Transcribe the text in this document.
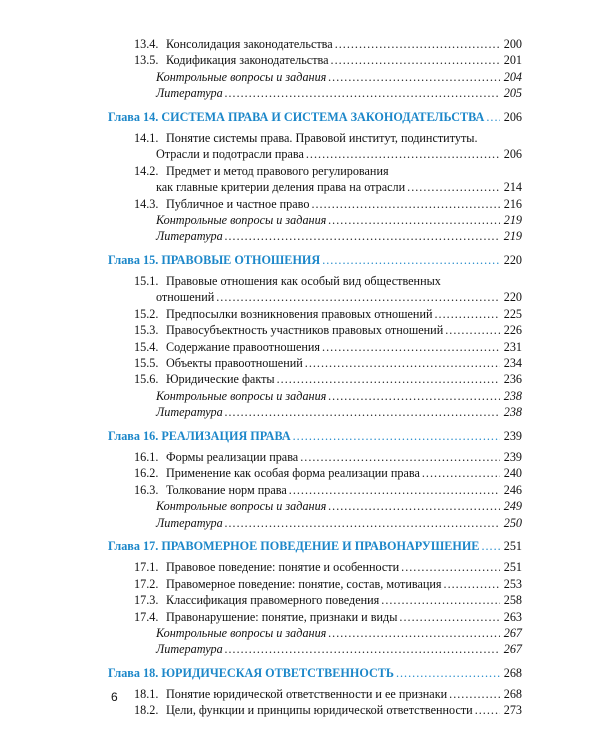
13.4. Консолидация законодательства .....	200
13.5. Кодификация законодательства .....	201
Контрольные вопросы и задания .....	204
Литература .....	205
Глава 14. СИСТЕМА ПРАВА И СИСТЕМА ЗАКОНОДАТЕЛЬСТВА ..... 206
14.1. Понятие системы права. Правовой институт, подинституты.
Отрасли и подотрасли права .....	206
14.2. Предмет и метод правового регулирования
как главные критерии деления права на отрасли .....	214
14.3. Публичное и частное право .....	216
Контрольные вопросы и задания .....	219
Литература .....	219
Глава 15. ПРАВОВЫЕ ОТНОШЕНИЯ .....	220
15.1. Правовые отношения как особый вид общественных
отношений .....	220
15.2. Предпосылки возникновения правовых отношений .....	225
15.3. Правосубъектность участников правовых отношений .....	226
15.4. Содержание правоотношения .....	231
15.5. Объекты правоотношений .....	234
15.6. Юридические факты .....	236
Контрольные вопросы и задания .....	238
Литература .....	238
Глава 16. РЕАЛИЗАЦИЯ ПРАВА .....	239
16.1. Формы реализации права .....	239
16.2. Применение как особая форма реализации права .....	240
16.3. Толкование норм права .....	246
Контрольные вопросы и задания .....	249
Литература .....	250
Глава 17. ПРАВОМЕРНОЕ ПОВЕДЕНИЕ И ПРАВОНАРУШЕНИЕ ..... 251
17.1. Правовое поведение: понятие и особенности .....	251
17.2. Правомерное поведение: понятие, состав, мотивация .....	253
17.3. Классификация правомерного поведения .....	258
17.4. Правонарушение: понятие, признаки и виды .....	263
Контрольные вопросы и задания .....	267
Литература .....	267
Глава 18. ЮРИДИЧЕСКАЯ ОТВЕТСТВЕННОСТЬ .....	268
18.1. Понятие юридической ответственности и ее признаки .....	268
18.2. Цели, функции и принципы юридической ответственности .....	273
6
